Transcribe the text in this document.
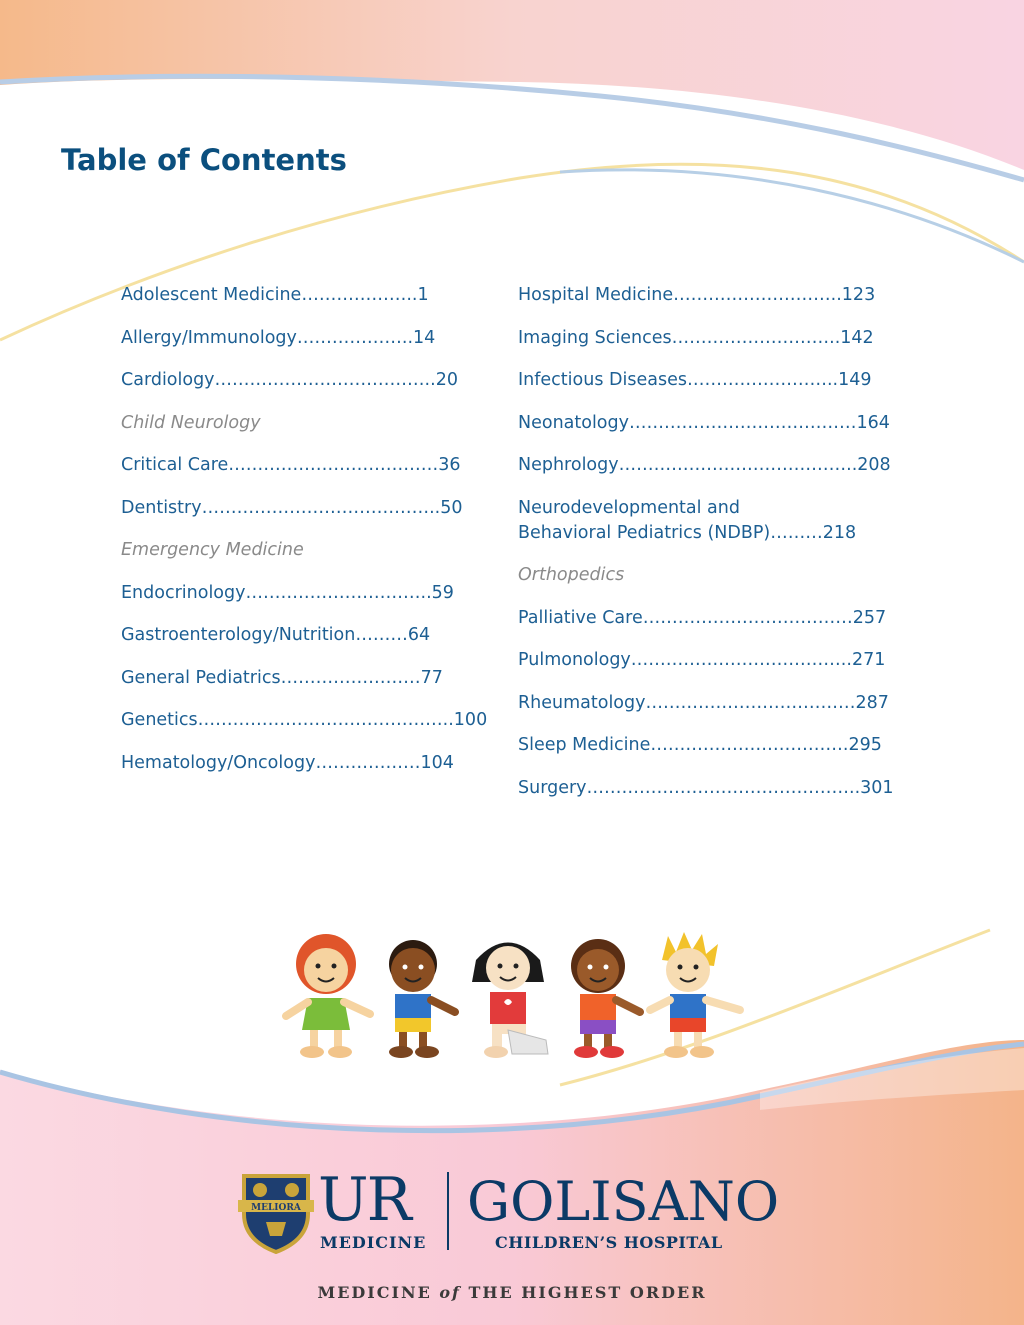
Table of Contents
Adolescent Medicine………………..1
Allergy/Immunology………………..14
Cardiology………………………………..20
Child Neurology
Critical Care………………………………36
Dentistry…………………………………..50
Emergency Medicine
Endocrinology…………………………..59
Gastroenterology/Nutrition………64
General Pediatrics……………………77
Genetics……………………………………..100
Hematology/Oncology………………104
Hospital Medicine………………………..123
Imaging Sciences………………………..142
Infectious Diseases……………………..149
Neonatology…………………………………164
Nephrology…………………………………..208
Neurodevelopmental and
Behavioral Pediatrics (NDBP)………218
Orthopedics
Palliative Care………………………………257
Pulmonology………………………………..271
Rheumatology………………………………287
Sleep Medicine…………………………….295
Surgery………………………………………..301
MELIORA UR
MEDICINE
GOLISANO
CHILDREN’S HOSPITAL
MEDICINE of THE HIGHEST ORDER
